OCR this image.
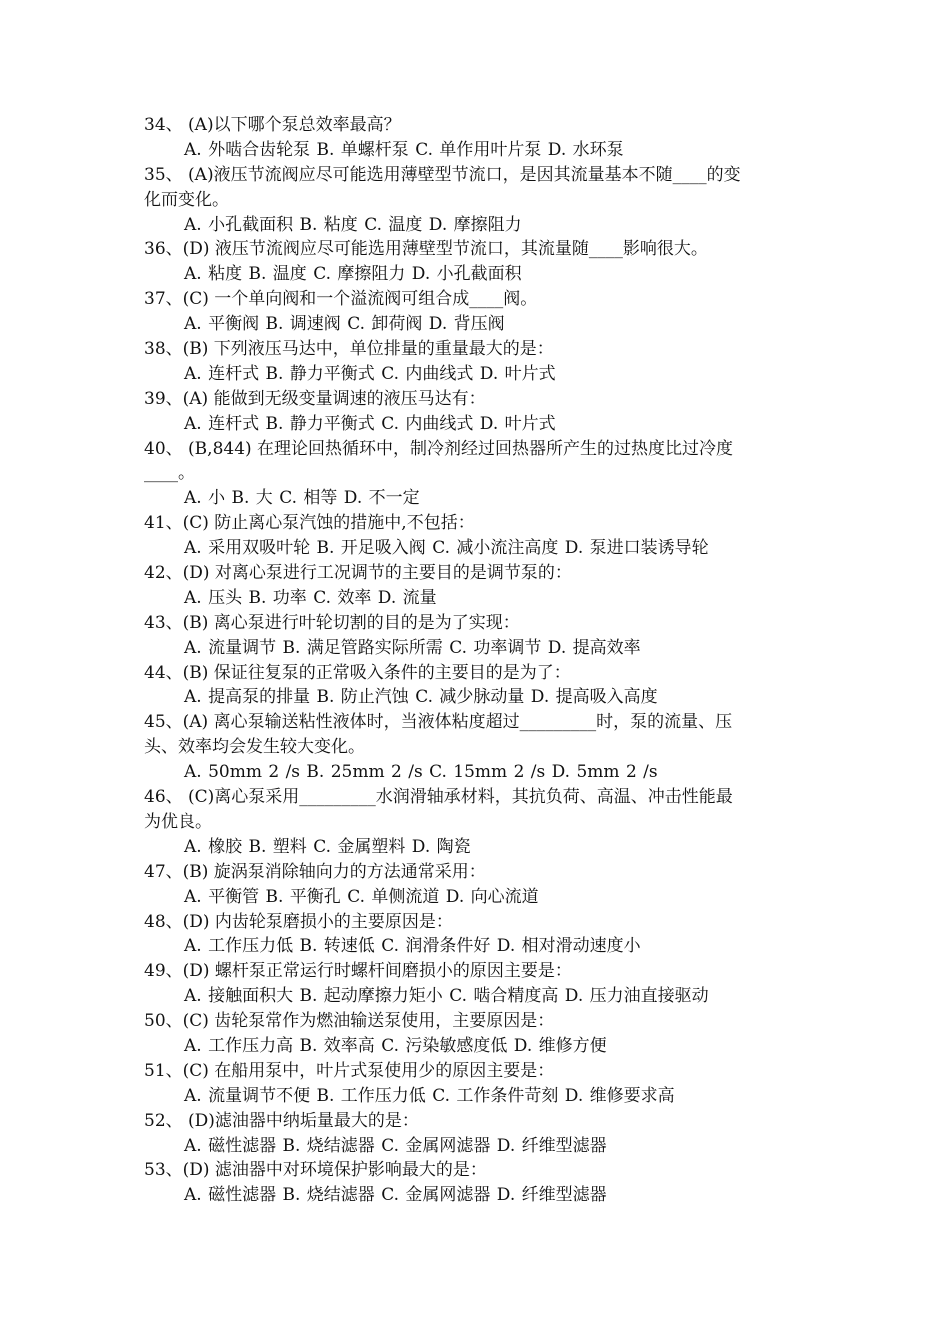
34、 (A)以下哪个泵总效率最高？
A. 外啮合齿轮泵 B. 单螺杆泵 C. 单作用叶片泵 D. 水环泵
35、 (A)液压节流阀应尽可能选用薄壁型节流口，是因其流量基本不随____的变
化而变化。
A. 小孔截面积 B. 粘度 C. 温度 D. 摩擦阻力
36、(D) 液压节流阀应尽可能选用薄壁型节流口，其流量随____影响很大。
A. 粘度 B. 温度 C. 摩擦阻力 D. 小孔截面积
37、(C) 一个单向阀和一个溢流阀可组合成____阀。
A. 平衡阀 B. 调速阀 C. 卸荷阀 D. 背压阀
38、(B) 下列液压马达中，单位排量的重量最大的是：
A. 连杆式 B. 静力平衡式 C. 内曲线式 D. 叶片式
39、(A) 能做到无级变量调速的液压马达有：
A. 连杆式 B. 静力平衡式 C. 内曲线式 D. 叶片式
40、 (B,844) 在理论回热循环中，制冷剂经过回热器所产生的过热度比过冷度
____。
A. 小 B. 大 C. 相等 D. 不一定
41、(C) 防止离心泵汽蚀的措施中,不包括：
A. 采用双吸叶轮 B. 开足吸入阀 C. 减小流注高度 D. 泵进口装诱导轮
42、(D) 对离心泵进行工况调节的主要目的是调节泵的：
A. 压头 B. 功率 C. 效率 D. 流量
43、(B) 离心泵进行叶轮切割的目的是为了实现：
A. 流量调节 B. 满足管路实际所需 C. 功率调节 D. 提高效率
44、(B) 保证往复泵的正常吸入条件的主要目的是为了：
A. 提高泵的排量 B. 防止汽蚀 C. 减少脉动量 D. 提高吸入高度
45、(A) 离心泵输送粘性液体时，当液体粘度超过_________时，泵的流量、压
头、效率均会发生较大变化。
A. 50mm 2 /s B. 25mm 2 /s C. 15mm 2 /s D. 5mm 2 /s
46、 (C)离心泵采用_________水润滑轴承材料，其抗负荷、高温、冲击性能最
为优良。
A. 橡胶 B. 塑料 C. 金属塑料 D. 陶瓷
47、(B) 旋涡泵消除轴向力的方法通常采用：
A. 平衡管 B. 平衡孔 C. 单侧流道 D. 向心流道
48、(D) 内齿轮泵磨损小的主要原因是：
A. 工作压力低 B. 转速低 C. 润滑条件好 D. 相对滑动速度小
49、(D) 螺杆泵正常运行时螺杆间磨损小的原因主要是：
A. 接触面积大 B. 起动摩擦力矩小 C. 啮合精度高 D. 压力油直接驱动
50、(C) 齿轮泵常作为燃油输送泵使用，主要原因是：
A. 工作压力高 B. 效率高 C. 污染敏感度低 D. 维修方便
51、(C) 在船用泵中，叶片式泵使用少的原因主要是：
A. 流量调节不便 B. 工作压力低 C. 工作条件苛刻 D. 维修要求高
52、 (D)滤油器中纳垢量最大的是：
A. 磁性滤器 B. 烧结滤器 C. 金属网滤器 D. 纤维型滤器
53、(D) 滤油器中对环境保护影响最大的是：
A. 磁性滤器 B. 烧结滤器 C. 金属网滤器 D. 纤维型滤器
